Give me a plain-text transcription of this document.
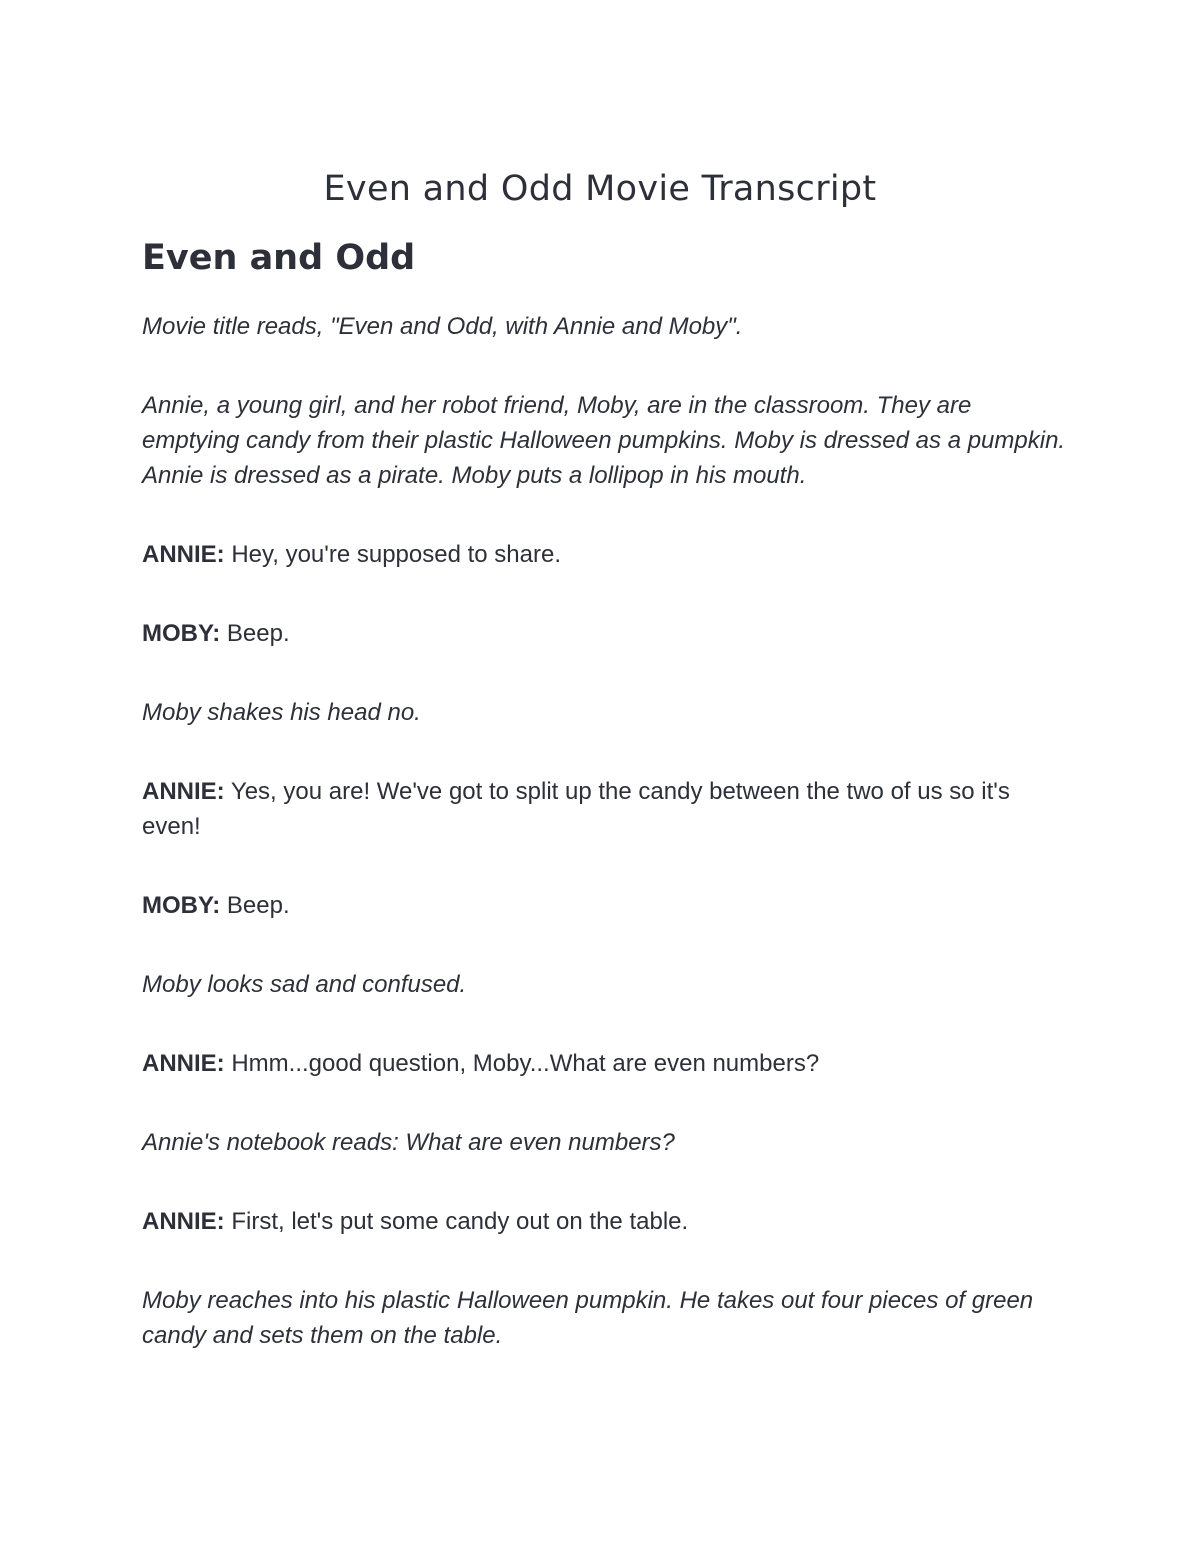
Even and Odd Movie Transcript
Even and Odd

Movie title reads, "Even and Odd, with Annie and Moby".

Annie, a young girl, and her robot friend, Moby, are in the classroom. They are emptying candy from their plastic Halloween pumpkins. Moby is dressed as a pumpkin. Annie is dressed as a pirate. Moby puts a lollipop in his mouth.

ANNIE: Hey, you're supposed to share.

MOBY: Beep.

Moby shakes his head no.

ANNIE: Yes, you are! We've got to split up the candy between the two of us so it's even!

MOBY: Beep.

Moby looks sad and confused.

ANNIE: Hmm...good question, Moby...What are even numbers?

Annie's notebook reads: What are even numbers?

ANNIE: First, let's put some candy out on the table.

Moby reaches into his plastic Halloween pumpkin. He takes out four pieces of green candy and sets them on the table.
